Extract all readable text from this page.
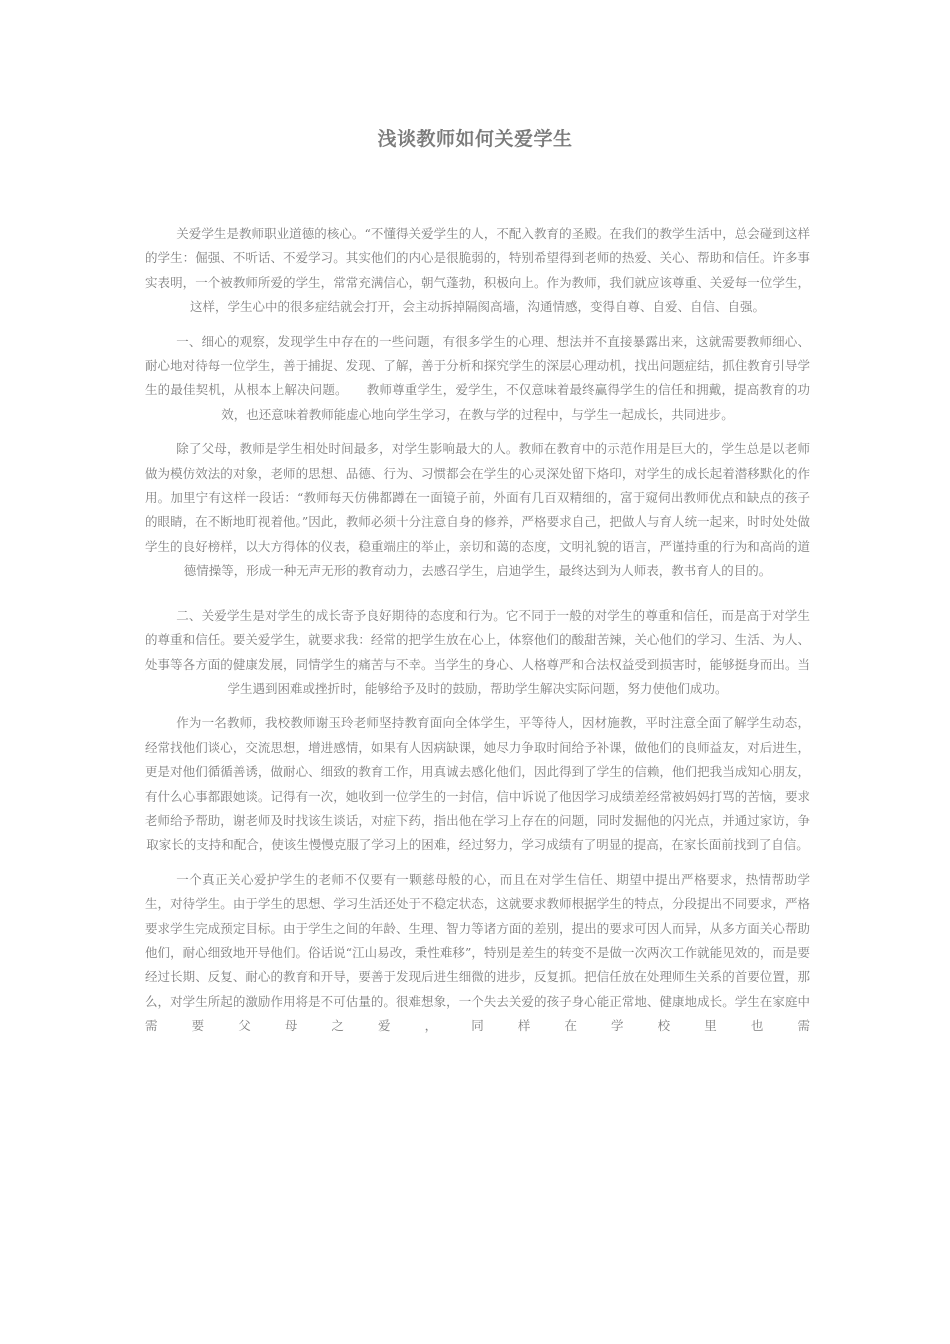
浅谈教师如何关爱学生

关爱学生是教师职业道德的核心。“不懂得关爱学生的人，不配入教育的圣殿。在我们的教学生活中，总会碰到这样的学生：倔强、不听话、不爱学习。其实他们的内心是很脆弱的，特别希望得到老师的热爱、关心、帮助和信任。许多事实表明，一个被教师所爱的学生，常常充满信心，朝气蓬勃，积极向上。作为教师，我们就应该尊重、关爱每一位学生，这样，学生心中的很多症结就会打开，会主动拆掉隔阂高墙，沟通情感，变得自尊、自爱、自信、自强。

一、细心的观察，发现学生中存在的一些问题，有很多学生的心理、想法并不直接暴露出来，这就需要教师细心、耐心地对待每一位学生，善于捕捉、发现、了解，善于分析和探究学生的深层心理动机，找出问题症结，抓住教育引导学生的最佳契机，从根本上解决问题。　　教师尊重学生，爱学生，不仅意味着最终赢得学生的信任和拥戴，提高教育的功效，也还意味着教师能虚心地向学生学习，在教与学的过程中，与学生一起成长，共同进步。

除了父母，教师是学生相处时间最多，对学生影响最大的人。教师在教育中的示范作用是巨大的，学生总是以老师做为模仿效法的对象，老师的思想、品德、行为、习惯都会在学生的心灵深处留下烙印，对学生的成长起着潜移默化的作用。加里宁有这样一段话：“教师每天仿佛都蹲在一面镜子前，外面有几百双精细的，富于窥伺出教师优点和缺点的孩子的眼睛，在不断地盯视着他。”因此，教师必须十分注意自身的修养，严格要求自己，把做人与育人统一起来，时时处处做学生的良好榜样，以大方得体的仪表，稳重端庄的举止，亲切和蔼的态度，文明礼貌的语言，严谨持重的行为和高尚的道德情操等，形成一种无声无形的教育动力，去感召学生，启迪学生，最终达到为人师表，教书育人的目的。

二、关爱学生是对学生的成长寄予良好期待的态度和行为。它不同于一般的对学生的尊重和信任，而是高于对学生的尊重和信任。要关爱学生，就要求我：经常的把学生放在心上，体察他们的酸甜苦辣，关心他们的学习、生活、为人、处事等各方面的健康发展，同情学生的痛苦与不幸。当学生的身心、人格尊严和合法权益受到损害时，能够挺身而出。当学生遇到困难或挫折时，能够给予及时的鼓励，帮助学生解决实际问题，努力使他们成功。

作为一名教师，我校教师谢玉玲老师坚持教育面向全体学生，平等待人，因材施教，平时注意全面了解学生动态，经常找他们谈心，交流思想，增进感情，如果有人因病缺课，她尽力争取时间给予补课，做他们的良师益友，对后进生，更是对他们循循善诱，做耐心、细致的教育工作，用真诚去感化他们，因此得到了学生的信赖，他们把我当成知心朋友，有什么心事都跟她谈。记得有一次，她收到一位学生的一封信，信中诉说了他因学习成绩差经常被妈妈打骂的苦恼，要求老师给予帮助，谢老师及时找该生谈话，对症下药，指出他在学习上存在的问题，同时发掘他的闪光点，并通过家访，争取家长的支持和配合，使该生慢慢克服了学习上的困难，经过努力，学习成绩有了明显的提高，在家长面前找到了自信。

一个真正关心爱护学生的老师不仅要有一颗慈母般的心，而且在对学生信任、期望中提出严格要求，热情帮助学生，对待学生。由于学生的思想、学习生活还处于不稳定状态，这就要求教师根据学生的特点，分段提出不同要求，严格要求学生完成预定目标。由于学生之间的年龄、生理、智力等诸方面的差别，提出的要求可因人而异，从多方面关心帮助他们，耐心细致地开导他们。俗话说“江山易改，秉性难移”，特别是差生的转变不是做一次两次工作就能见效的，而是要经过长期、反复、耐心的教育和开导，要善于发现后进生细微的进步，反复抓。把信任放在处理师生关系的首要位置，那么，对学生所起的激励作用将是不可估量的。很难想象，一个失去关爱的孩子身心能正常地、健康地成长。学生在家庭中需要父母之爱，同样在学校里也需
